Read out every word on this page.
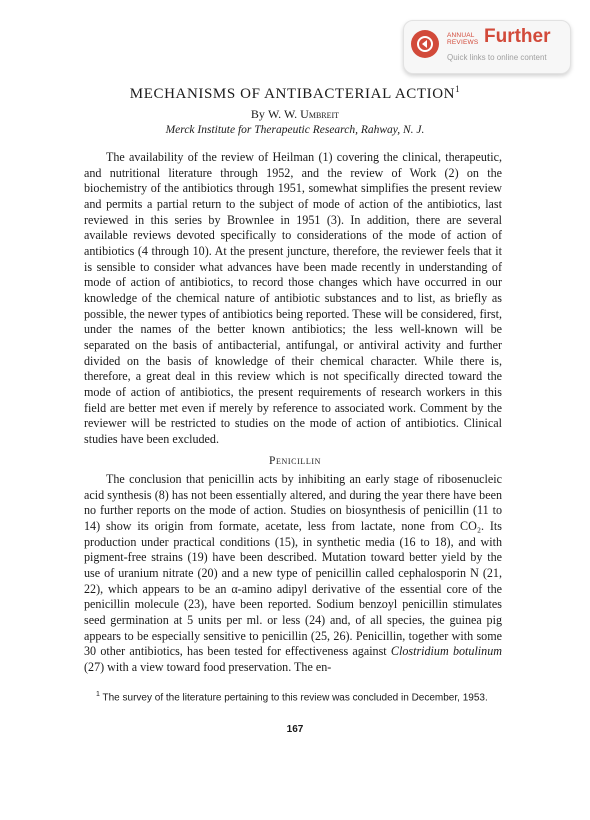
ANNUAL
REVIEWS Further
Quick links to online content
MECHANISMS OF ANTIBACTERIAL ACTION$^1$
By W. W. Umbreit
Merck Institute for Therapeutic Research, Rahway, N. J.

The availability of the review of Heilman (1) covering the clinical, therapeutic, and nutritional literature through 1952, and the review of Work (2) on the biochemistry of the antibiotics through 1951, somewhat simplifies the present review and permits a partial return to the subject of mode of action of the antibiotics, last reviewed in this series by Brownlee in 1951 (3). In addition, there are several available reviews devoted specifically to considerations of the mode of action of antibiotics (4 through 10). At the present juncture, therefore, the reviewer feels that it is sensible to consider what advances have been made recently in understanding of mode of action of antibiotics, to record those changes which have occurred in our knowledge of the chemical nature of antibiotic substances and to list, as briefly as possible, the newer types of antibiotics being reported. These will be considered, first, under the names of the better known antibiotics; the less well-known will be separated on the basis of antibacterial, antifungal, or antiviral activity and further divided on the basis of knowledge of their chemical character. While there is, therefore, a great deal in this review which is not specifically directed toward the mode of action of antibiotics, the present requirements of research workers in this field are better met even if merely by reference to associated work. Comment by the reviewer will be restricted to studies on the mode of action of antibiotics. Clinical studies have been excluded.

Penicillin

The conclusion that penicillin acts by inhibiting an early stage of ribosenucleic acid synthesis (8) has not been essentially altered, and during the year there have been no further reports on the mode of action. Studies on biosynthesis of penicillin (11 to 14) show its origin from formate, acetate, less from lactate, none from CO₂. Its production under practical conditions (15), in synthetic media (16 to 18), and with pigment-free strains (19) have been described. Mutation toward better yield by the use of uranium nitrate (20) and a new type of penicillin called cephalosporin N (21, 22), which appears to be an α-amino adipyl derivative of the essential core of the penicillin molecule (23), have been reported. Sodium benzoyl penicillin stimulates seed germination at 5 units per ml. or less (24) and, of all species, the guinea pig appears to be especially sensitive to penicillin (25, 26). Penicillin, together with some 30 other antibiotics, has been tested for effectiveness against Clostridium botulinum (27) with a view toward food preservation. The en-

$^1$ The survey of the literature pertaining to this review was concluded in December, 1953.

167
